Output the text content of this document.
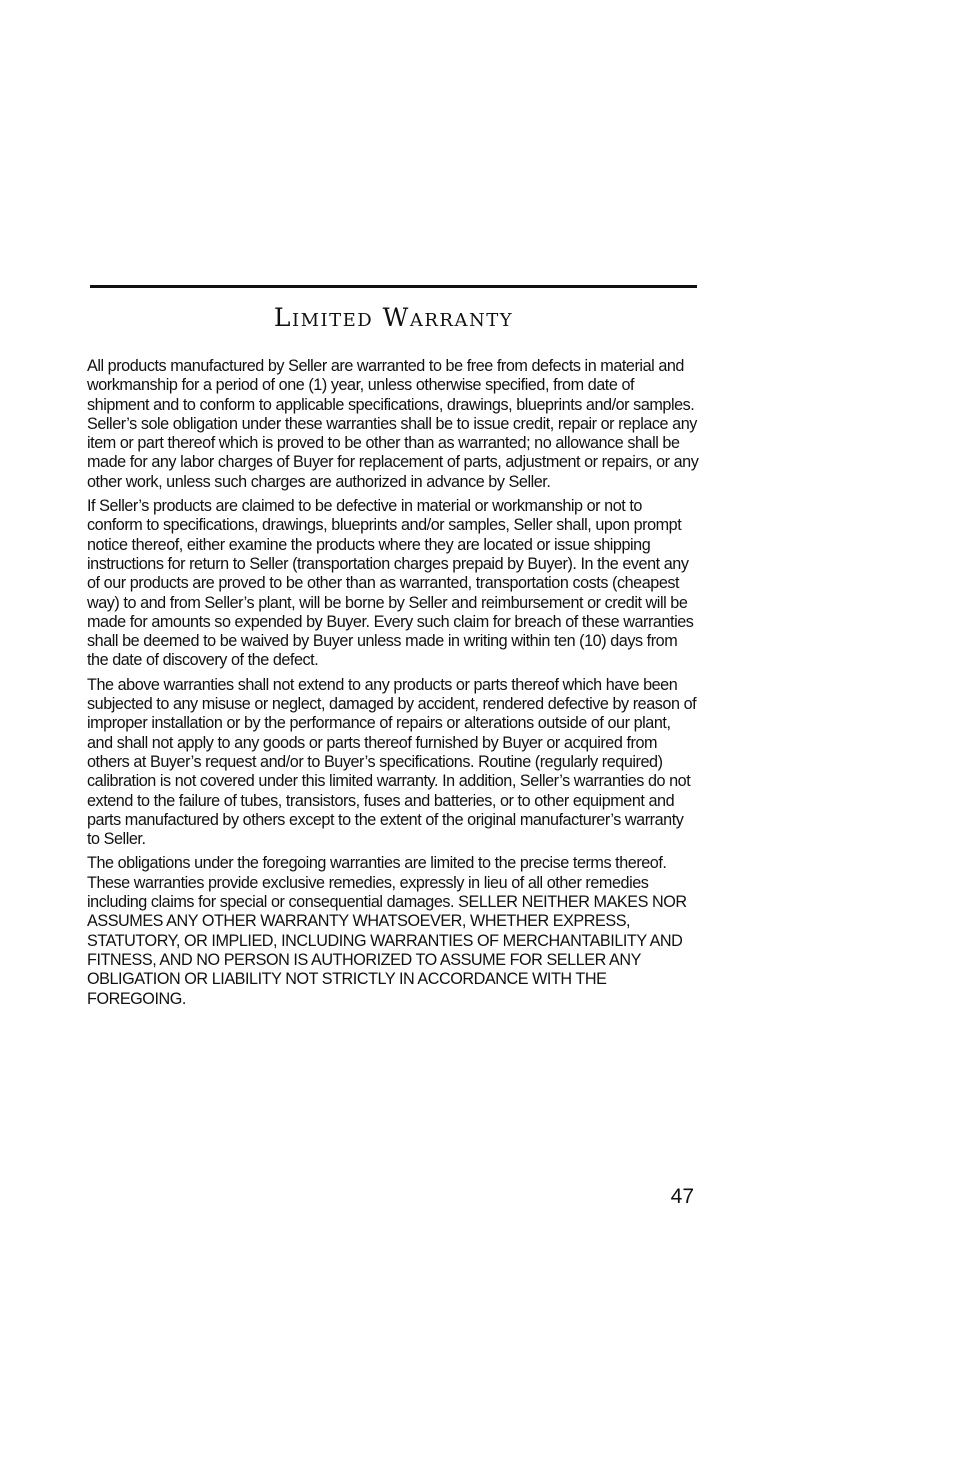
Limited Warranty

All products manufactured by Seller are warranted to be free from defects in material and workmanship for a period of one (1) year, unless otherwise specified, from date of shipment and to conform to applicable specifications, drawings, blueprints and/or samples. Seller’s sole obligation under these warranties shall be to issue credit, repair or replace any item or part thereof which is proved to be other than as warranted; no allowance shall be made for any labor charges of Buyer for replacement of parts, adjustment or repairs, or any other work, unless such charges are authorized in advance by Seller.

If Seller’s products are claimed to be defective in material or workmanship or not to conform to specifications, drawings, blueprints and/or samples, Seller shall, upon prompt notice thereof, either examine the products where they are located or issue shipping instructions for return to Seller (transportation charges prepaid by Buyer). In the event any of our products are proved to be other than as warranted, transportation costs (cheapest way) to and from Seller’s plant, will be borne by Seller and reimbursement or credit will be made for amounts so expended by Buyer. Every such claim for breach of these warranties shall be deemed to be waived by Buyer unless made in writing within ten (10) days from the date of discovery of the defect.

The above warranties shall not extend to any products or parts thereof which have been subjected to any misuse or neglect, damaged by accident, rendered defective by reason of improper installation or by the performance of repairs or alterations outside of our plant, and shall not apply to any goods or parts thereof furnished by Buyer or acquired from others at Buyer’s request and/or to Buyer’s specifications. Routine (regularly required) calibration is not covered under this limited warranty. In addition, Seller’s warranties do not extend to the failure of tubes, transistors, fuses and batteries, or to other equipment and parts manufactured by others except to the extent of the original manufacturer’s warranty to Seller.

The obligations under the foregoing warranties are limited to the precise terms thereof. These warranties provide exclusive remedies, expressly in lieu of all other remedies including claims for special or consequential damages. SELLER NEITHER MAKES NOR ASSUMES ANY OTHER WARRANTY WHATSOEVER, WHETHER EXPRESS, STATUTORY, OR IMPLIED, INCLUDING WARRANTIES OF MERCHANTABILITY AND FITNESS, AND NO PERSON IS AUTHORIZED TO ASSUME FOR SELLER ANY OBLIGATION OR LIABILITY NOT STRICTLY IN ACCORDANCE WITH THE FOREGOING.

47
